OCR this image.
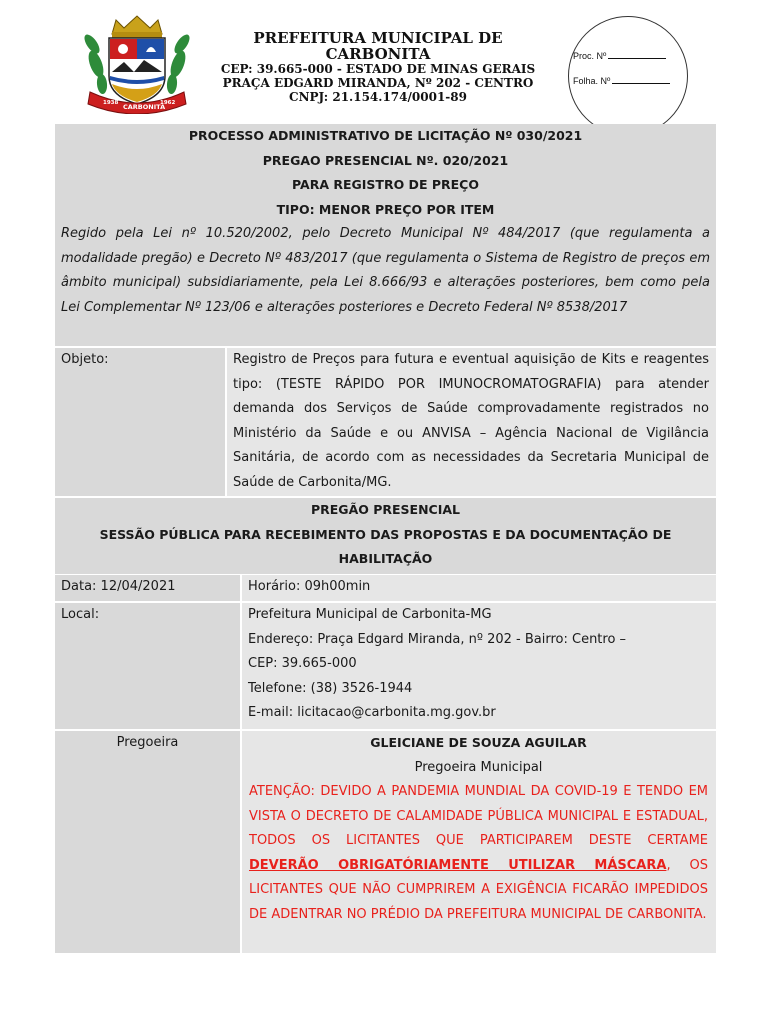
1938 CARBONITA
1962
PREFEITURA MUNICIPAL DE CARBONITA
CEP: 39.665-000 - ESTADO DE MINAS GERAIS
PRAÇA EDGARD MIRANDA, Nº 202 - CENTRO
CNPJ: 21.154.174/0001-89
Proc. Nº
Folha. Nº
PROCESSO ADMINISTRATIVO DE LICITAÇÃO Nº 030/2021
PREGAO PRESENCIAL Nº. 020/2021
PARA REGISTRO DE PREÇO
TIPO: MENOR PREÇO POR ITEM
Regido pela Lei nº 10.520/2002, pelo Decreto Municipal Nº 484/2017 (que regulamenta a modalidade pregão) e Decreto Nº 483/2017 (que regulamenta o Sistema de Registro de preços em âmbito municipal) subsidiariamente, pela Lei 8.666/93 e alterações posteriores, bem como pela Lei Complementar Nº 123/06 e alterações posteriores e Decreto Federal Nº 8538/2017
Objeto:	Registro de Preços para futura e eventual aquisição de Kits e reagentes tipo: (TESTE RÁPIDO POR IMUNOCROMATOGRAFIA) para atender demanda dos Serviços de Saúde comprovadamente registrados no Ministério da Saúde e ou ANVISA – Agência Nacional de Vigilância Sanitária, de acordo com as necessidades da Secretaria Municipal de Saúde de Carbonita/MG.
PREGÃO PRESENCIAL
SESSÃO PÚBLICA PARA RECEBIMENTO DAS PROPOSTAS E DA DOCUMENTAÇÃO DE
HABILITAÇÃO
Data: 12/04/2021	Horário: 09h00min
Local:	Prefeitura Municipal de Carbonita-MG
Endereço: Praça Edgard Miranda, nº 202 - Bairro: Centro –
CEP: 39.665-000
Telefone: (38) 3526-1944
E-mail: licitacao@carbonita.mg.gov.br
Pregoeira	GLEICIANE DE SOUZA AGUILAR
Pregoeira Municipal
ATENÇÃO: DEVIDO A PANDEMIA MUNDIAL DA COVID-19 E TENDO EM VISTA O DECRETO DE CALAMIDADE PÚBLICA MUNICIPAL E ESTADUAL, TODOS OS LICITANTES QUE PARTICIPAREM DESTE CERTAME DEVERÃO OBRIGATÓRIAMENTE UTILIZAR MÁSCARA, OS LICITANTES QUE NÃO CUMPRIREM A EXIGÊNCIA FICARÃO IMPEDIDOS DE ADENTRAR NO PRÉDIO DA PREFEITURA MUNICIPAL DE CARBONITA.
